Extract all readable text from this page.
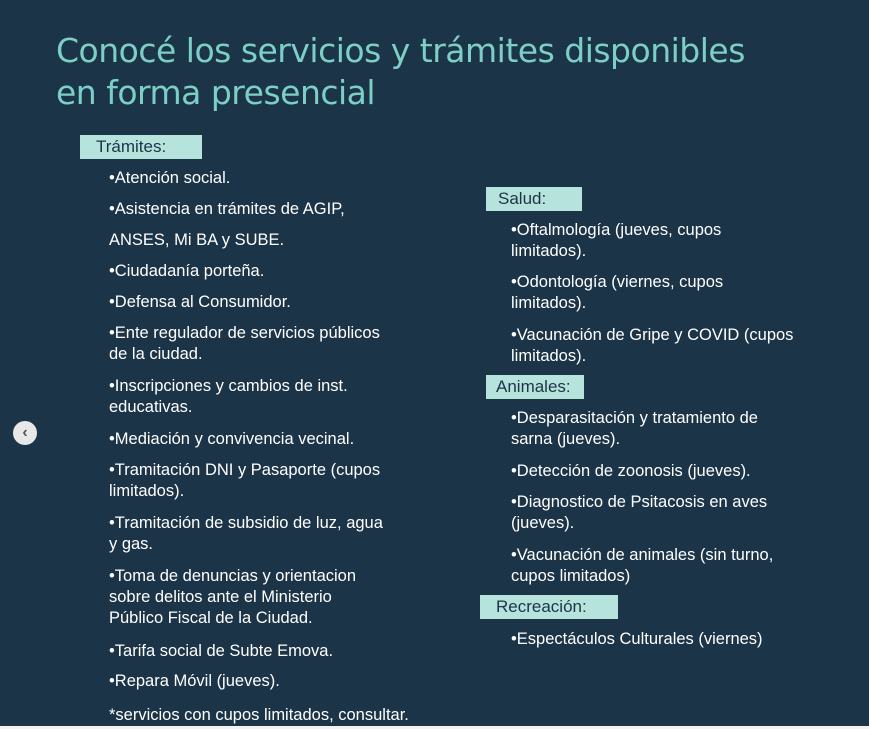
Conocé los servicios y trámites disponibles
en forma presencial
Trámites:

•Atención social.

•Asistencia en trámites de AGIP,

ANSES, Mi BA y SUBE.

•Ciudadanía porteña.

•Defensa al Consumidor.

•Ente regulador de servicios públicos
de la ciudad.

•Inscripciones y cambios de inst.
educativas.

•Mediación y convivencia vecinal.

•Tramitación DNI y Pasaporte (cupos
limitados).

•Tramitación de subsidio de luz, agua
y gas.

•Toma de denuncias y orientacion
sobre delitos ante el Ministerio
Público Fiscal de la Ciudad.

•Tarifa social de Subte Emova.

•Repara Móvil (jueves).

*servicios con cupos limitados, consultar.

Salud:

•Oftalmología (jueves, cupos
limitados).

•Odontología (viernes, cupos
limitados).

•Vacunación de Gripe y COVID (cupos
limitados).

Animales:

•Desparasitación y tratamiento de
sarna (jueves).

•Detección de zoonosis (jueves).

•Diagnostico de Psitacosis en aves
(jueves).

•Vacunación de animales (sin turno,
cupos limitados)

Recreación:

•Espectáculos Culturales (viernes)

‹
